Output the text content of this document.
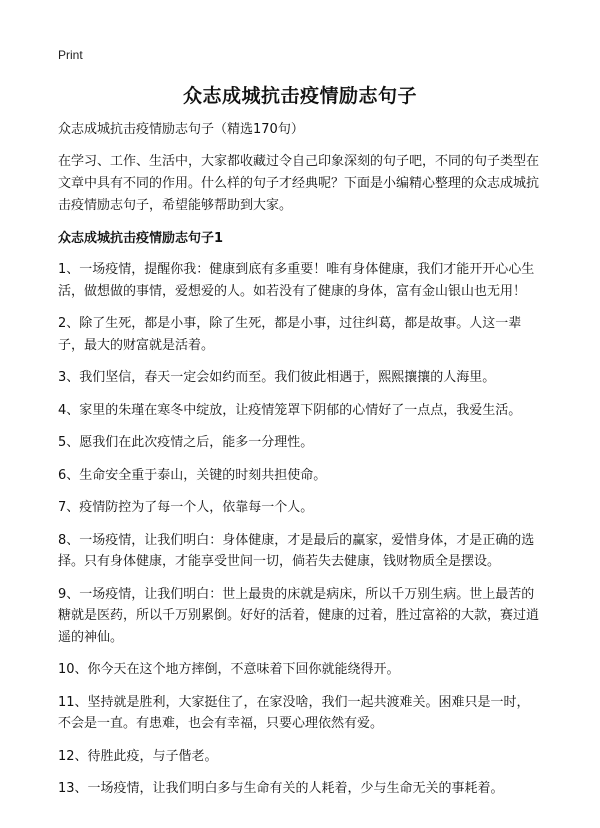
Print
众志成城抗击疫情励志句子

众志成城抗击疫情励志句子（精选170句）

在学习、工作、生活中，大家都收藏过令自己印象深刻的句子吧，不同的句子类型在文章中具有不同的作用。什么样的句子才经典呢？下面是小编精心整理的众志成城抗击疫情励志句子，希望能够帮助到大家。

众志成城抗击疫情励志句子1
1、一场疫情，提醒你我：健康到底有多重要！唯有身体健康，我们才能开开心心生活，做想做的事情，爱想爱的人。如若没有了健康的身体，富有金山银山也无用！
2、除了生死，都是小事，除了生死，都是小事，过往纠葛，都是故事。人这一辈子，最大的财富就是活着。
3、我们坚信，春天一定会如约而至。我们彼此相遇于，熙熙攘攘的人海里。
4、家里的朱瑾在寒冬中绽放，让疫情笼罩下阴郁的心情好了一点点，我爱生活。
5、愿我们在此次疫情之后，能多一分理性。
6、生命安全重于泰山，关键的时刻共担使命。
7、疫情防控为了每一个人，依靠每一个人。
8、一场疫情，让我们明白：身体健康，才是最后的赢家，爱惜身体，才是正确的选择。只有身体健康，才能享受世间一切，倘若失去健康，钱财物质全是摆设。
9、一场疫情，让我们明白：世上最贵的床就是病床，所以千万别生病。世上最苦的糖就是医药，所以千万别累倒。好好的活着，健康的过着，胜过富裕的大款，赛过逍遥的神仙。
10、你今天在这个地方摔倒，不意味着下回你就能绕得开。
11、坚持就是胜利，大家挺住了，在家没啥，我们一起共渡难关。困难只是一时，不会是一直。有患难，也会有幸福，只要心理依然有爱。
12、待胜此疫，与子偕老。
13、一场疫情，让我们明白多与生命有关的人耗着，少与生命无关的事耗着。
